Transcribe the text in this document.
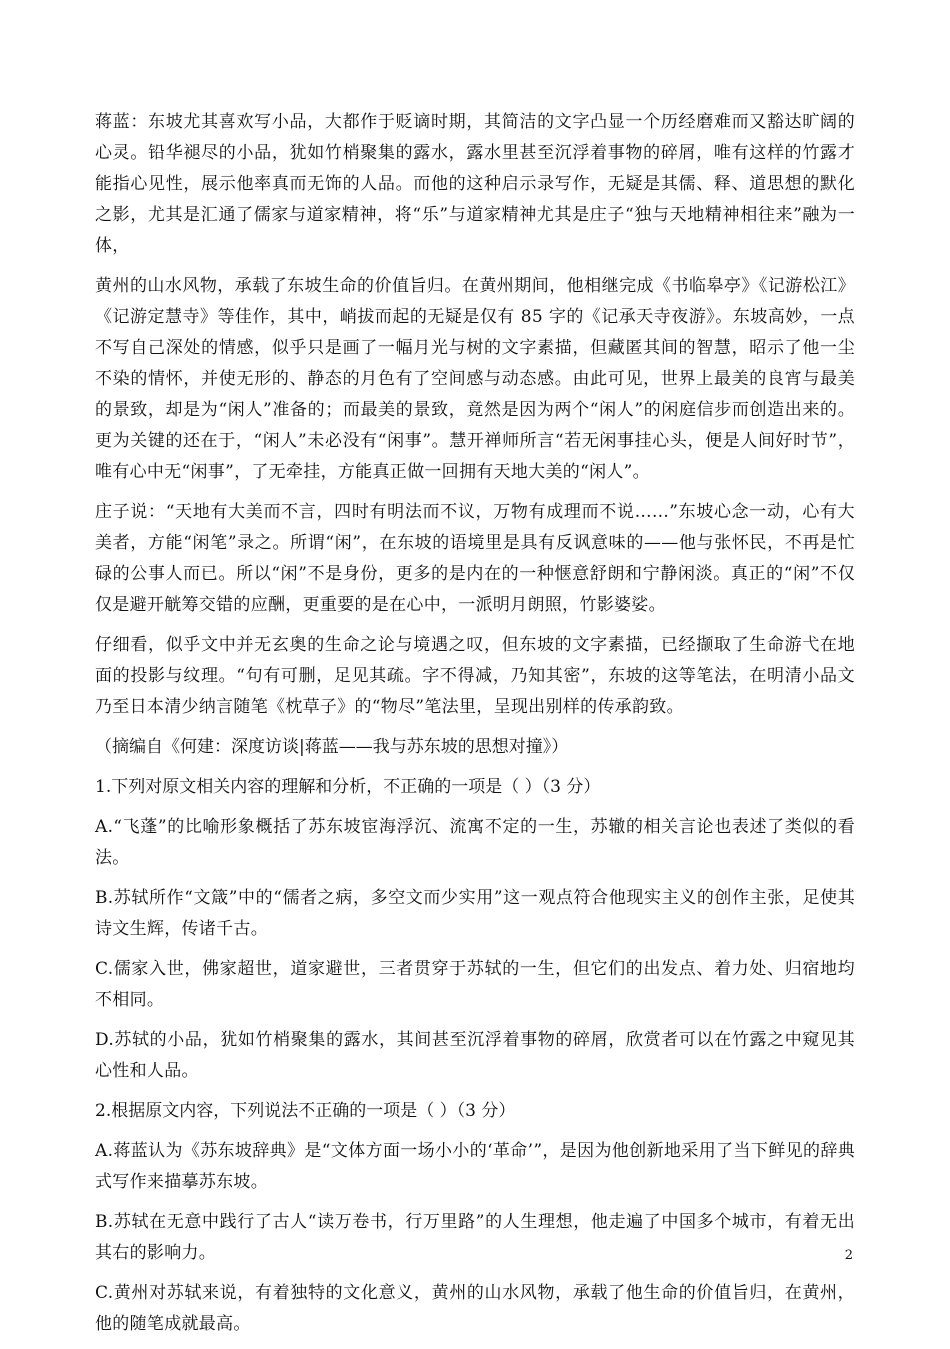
蒋蓝：东坡尤其喜欢写小品，大都作于贬谪时期，其简洁的文字凸显一个历经磨难而又豁达旷阔的心灵。铅华褪尽的小品，犹如竹梢聚集的露水，露水里甚至沉浮着事物的碎屑，唯有这样的竹露才能指心见性，展示他率真而无饰的人品。而他的这种启示录写作，无疑是其儒、释、道思想的默化之影，尤其是汇通了儒家与道家精神，将“乐”与道家精神尤其是庄子“独与天地精神相往来”融为一体，

黄州的山水风物，承载了东坡生命的价值旨归。在黄州期间，他相继完成《书临皋亭》《记游松江》《记游定慧寺》等佳作，其中，峭拔而起的无疑是仅有 85 字的《记承天寺夜游》。东坡高妙，一点不写自己深处的情感，似乎只是画了一幅月光与树的文字素描，但藏匿其间的智慧，昭示了他一尘不染的情怀，并使无形的、静态的月色有了空间感与动态感。由此可见，世界上最美的良宵与最美的景致，却是为“闲人”准备的；而最美的景致，竟然是因为两个“闲人”的闲庭信步而创造出来的。更为关键的还在于，“闲人”未必没有“闲事”。慧开禅师所言“若无闲事挂心头，便是人间好时节”，唯有心中无“闲事”，了无牵挂，方能真正做一回拥有天地大美的“闲人”。

庄子说：“天地有大美而不言，四时有明法而不议，万物有成理而不说……”东坡心念一动，心有大美者，方能“闲笔”录之。所谓“闲”，在东坡的语境里是具有反讽意味的——他与张怀民，不再是忙碌的公事人而已。所以“闲”不是身份，更多的是内在的一种惬意舒朗和宁静闲淡。真正的“闲”不仅仅是避开觥筹交错的应酬，更重要的是在心中，一派明月朗照，竹影婆娑。

仔细看，似乎文中并无玄奥的生命之论与境遇之叹，但东坡的文字素描，已经撷取了生命游弋在地面的投影与纹理。“句有可删，足见其疏。字不得减，乃知其密”，东坡的这等笔法，在明清小品文乃至日本清少纳言随笔《枕草子》的“物尽”笔法里，呈现出别样的传承韵致。

（摘编自《何建：深度访谈|蒋蓝——我与苏东坡的思想对撞》）

1.下列对原文相关内容的理解和分析，不正确的一项是（ ）（3 分）

A.“飞蓬”的比喻形象概括了苏东坡宦海浮沉、流寓不定的一生，苏辙的相关言论也表述了类似的看法。

B.苏轼所作“文箴”中的“儒者之病，多空文而少实用”这一观点符合他现实主义的创作主张，足使其诗文生辉，传诸千古。

C.儒家入世，佛家超世，道家避世，三者贯穿于苏轼的一生，但它们的出发点、着力处、归宿地均不相同。

D.苏轼的小品，犹如竹梢聚集的露水，其间甚至沉浮着事物的碎屑，欣赏者可以在竹露之中窥见其心性和人品。

2.根据原文内容，下列说法不正确的一项是（ ）（3 分）

A.蒋蓝认为《苏东坡辞典》是“文体方面一场小小的‘革命’”，是因为他创新地采用了当下鲜见的辞典式写作来描摹苏东坡。

B.苏轼在无意中践行了古人“读万卷书，行万里路”的人生理想，他走遍了中国多个城市，有着无出其右的影响力。

C.黄州对苏轼来说，有着独特的文化意义，黄州的山水风物，承载了他生命的价值旨归，在黄州，他的随笔成就最高。

2
